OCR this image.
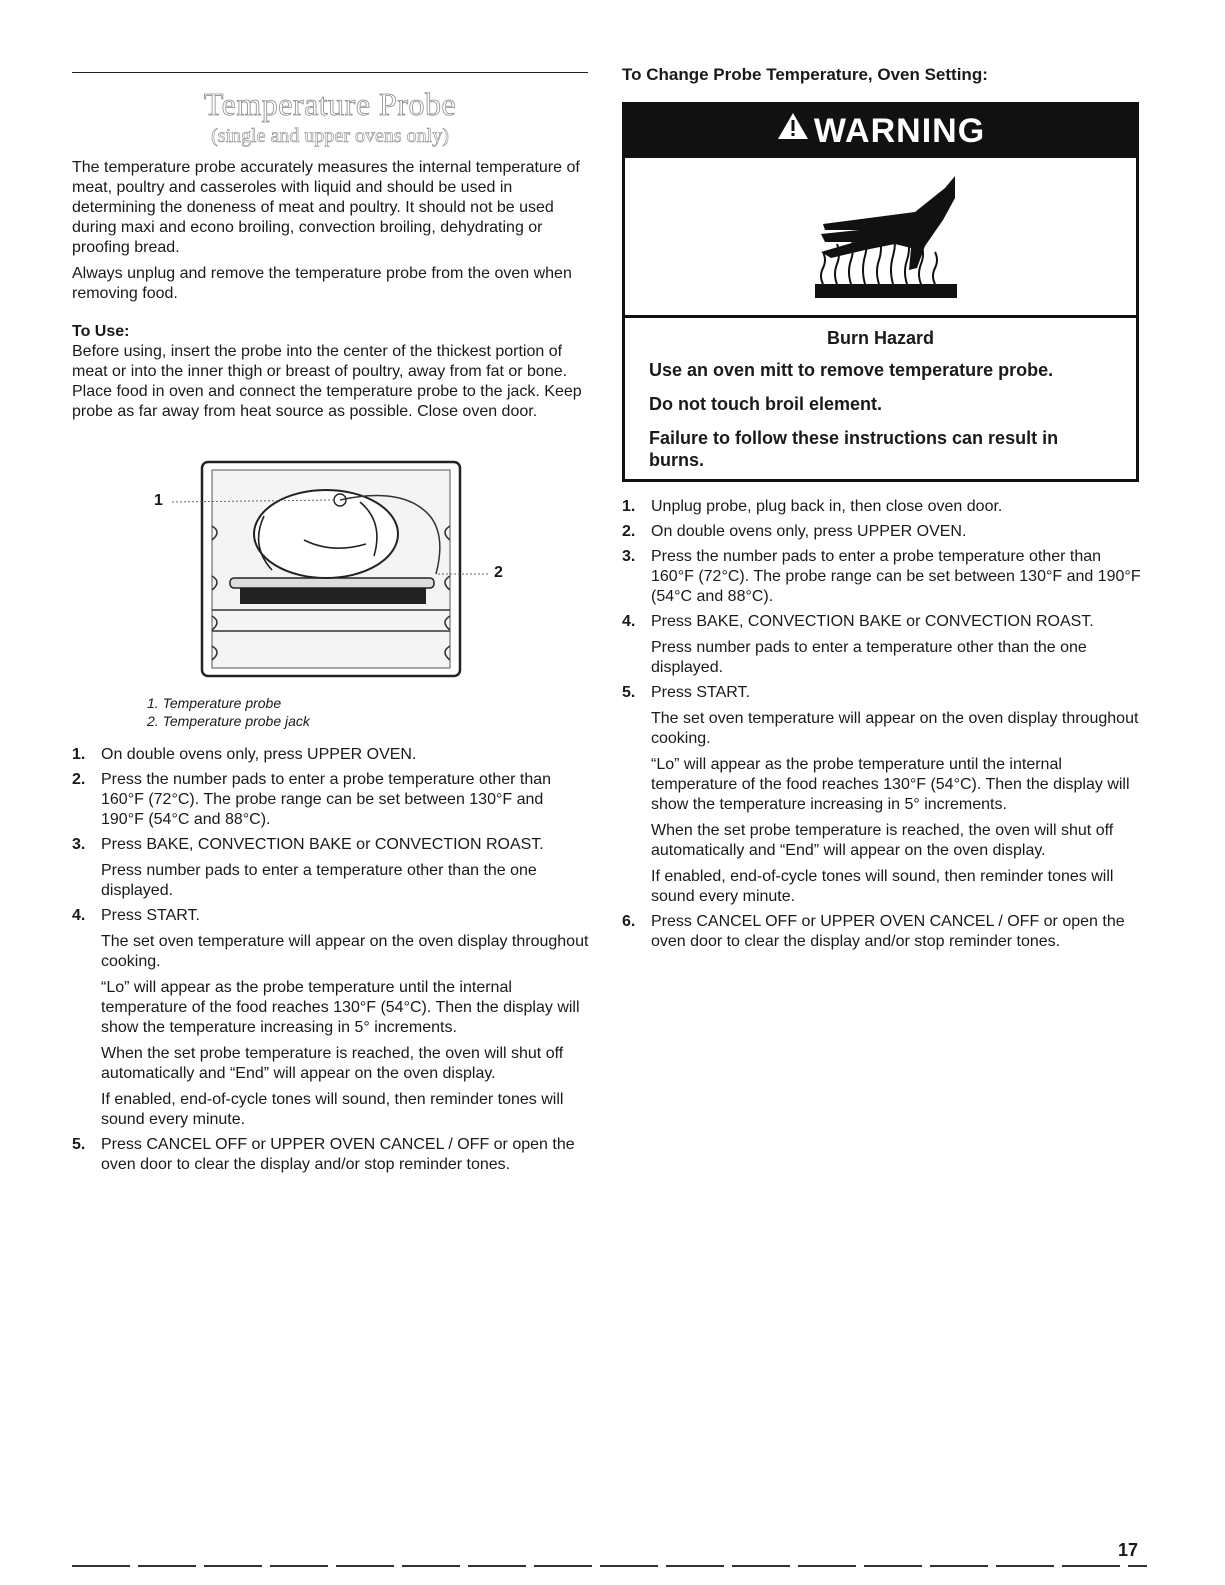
Temperature Probe
(single and upper ovens only)

The temperature probe accurately measures the internal temperature of meat, poultry and casseroles with liquid and should be used in determining the doneness of meat and poultry. It should not be used during maxi and econo broiling, convection broiling, dehydrating or proofing bread.

Always unplug and remove the temperature probe from the oven when removing food.

To Use:

Before using, insert the probe into the center of the thickest portion of meat or into the inner thigh or breast of poultry, away from fat or bone. Place food in oven and connect the temperature probe to the jack. Keep probe as far away from heat source as possible. Close oven door.

1
2
1. Temperature probe
2. Temperature probe jack
1. On double ovens only, press UPPER OVEN.

2. Press the number pads to enter a probe temperature other than 160°F (72°C). The probe range can be set between 130°F and 190°F (54°C and 88°C).

3. Press BAKE, CONVECTION BAKE or CONVECTION ROAST.

Press number pads to enter a temperature other than the one displayed.

4. Press START.

The set oven temperature will appear on the oven display throughout cooking.

“Lo” will appear as the probe temperature until the internal temperature of the food reaches 130°F (54°C). Then the display will show the temperature increasing in 5° increments.

When the set probe temperature is reached, the oven will shut off automatically and “End” will appear on the oven display.

If enabled, end-of-cycle tones will sound, then reminder tones will sound every minute.

5. Press CANCEL OFF or UPPER OVEN CANCEL / OFF or open the oven door to clear the display and/or stop reminder tones.

To Change Probe Temperature, Oven Setting:
WARNING
Burn Hazard
Use an oven mitt to remove temperature probe.
Do not touch broil element.
Failure to follow these instructions can result in burns.
1. Unplug probe, plug back in, then close oven door.

2. On double ovens only, press UPPER OVEN.

3. Press the number pads to enter a probe temperature other than 160°F (72°C). The probe range can be set between 130°F and 190°F (54°C and 88°C).

4. Press BAKE, CONVECTION BAKE or CONVECTION ROAST.

Press number pads to enter a temperature other than the one displayed.

5. Press START.

The set oven temperature will appear on the oven display throughout cooking.

“Lo” will appear as the probe temperature until the internal temperature of the food reaches 130°F (54°C). Then the display will show the temperature increasing in 5° increments.

When the set probe temperature is reached, the oven will shut off automatically and “End” will appear on the oven display.

If enabled, end-of-cycle tones will sound, then reminder tones will sound every minute.

6. Press CANCEL OFF or UPPER OVEN CANCEL / OFF or open the oven door to clear the display and/or stop reminder tones.

17
